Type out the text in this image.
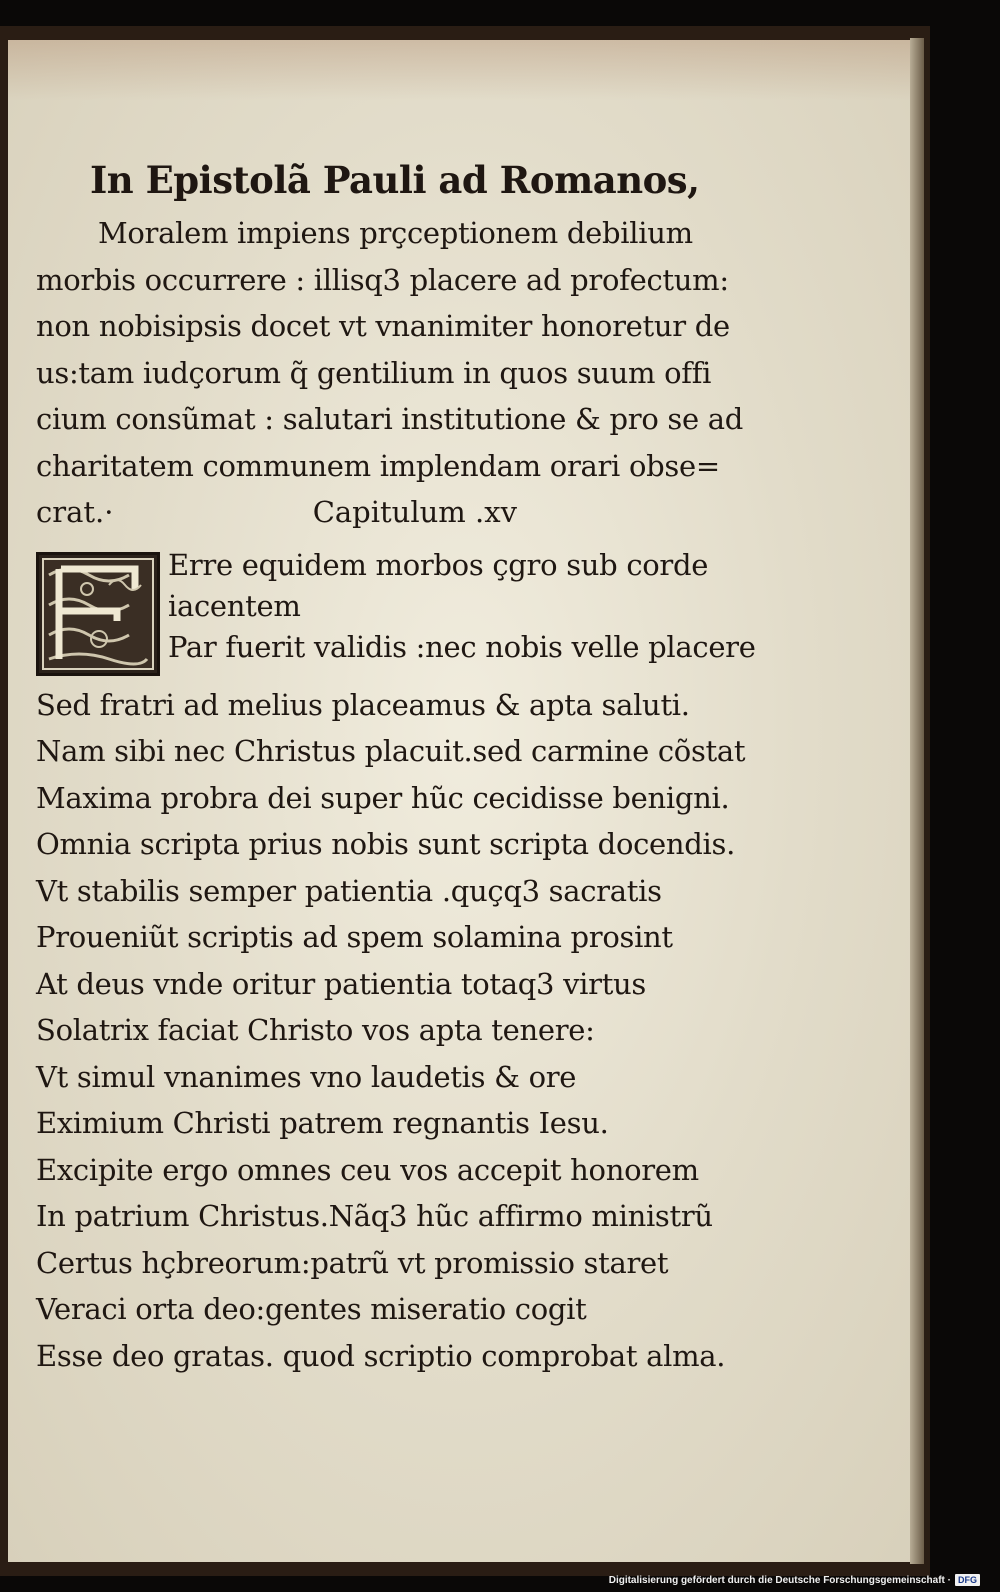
In Epistolã Pauli ad Romanos,
Moralem impiens prçceptionem debilium
morbis occurrere : illisq3 placere ad profectum:
non nobisipsis docet vt vnanimiter honoretur de
us:tam iudçorum q̃ gentilium in quos suum offi
cium consũmat : salutari institutione & pro se ad
charitatem communem implendam orari obse=
crat.·	Capitulum .xv
Erre equidem morbos çgro sub corde
iacentem
Par fuerit validis :nec nobis velle placere
Sed fratri ad melius placeamus & apta saluti.
Nam sibi nec Christus placuit.sed carmine cõstat
Maxima probra dei super hũc cecidisse benigni.
Omnia scripta prius nobis sunt scripta docendis.
Vt stabilis semper patientia .quçq3 sacratis
Proueniũt scriptis ad spem solamina prosint
At deus vnde oritur patientia totaq3 virtus
Solatrix faciat Christo vos apta tenere:
Vt simul vnanimes vno laudetis & ore
Eximium Christi patrem regnantis Iesu.
Excipite ergo omnes ceu vos accepit honorem
In patrium Christus.Nãq3 hũc affirmo ministrũ
Certus hçbreorum:patrũ vt promissio staret
Veraci orta deo:gentes miseratio cogit
Esse deo gratas. quod scriptio comprobat alma.
Digitalisierung gefördert durch die Deutsche Forschungsgemeinschaft · DFG
